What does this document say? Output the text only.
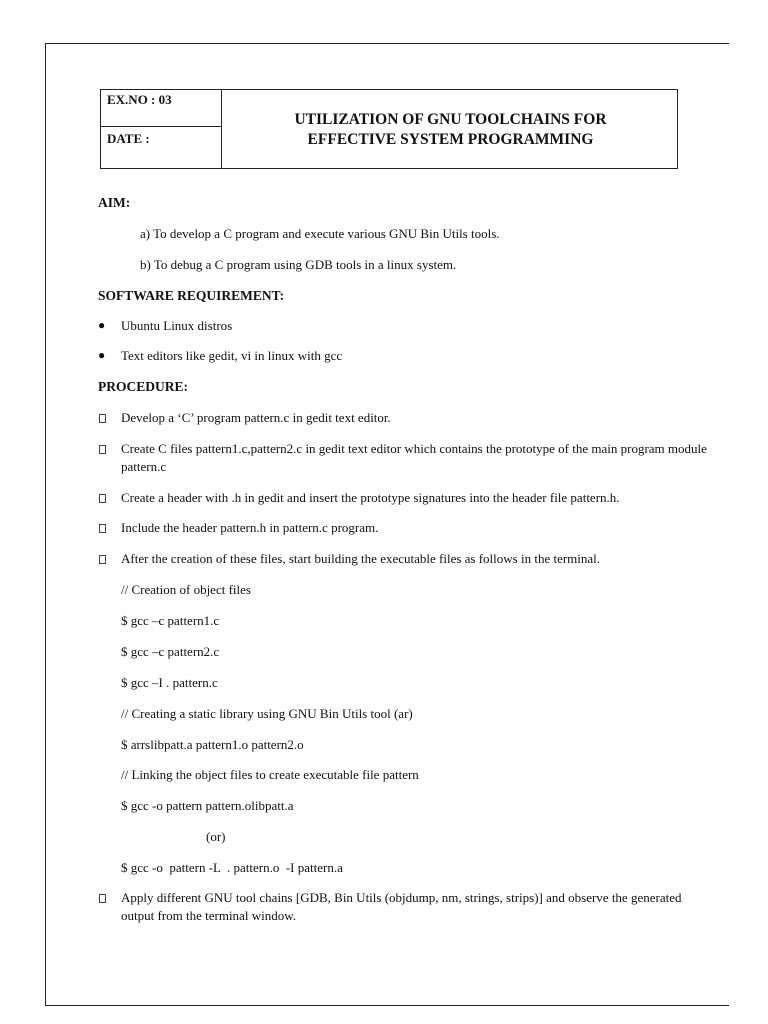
EX.NO : 03
DATE :
UTILIZATION OF GNU TOOLCHAINS FOR
EFFECTIVE SYSTEM PROGRAMMING
AIM:
a) To develop a C program and execute various GNU Bin Utils tools.
b) To debug a C program using GDB tools in a linux system.
SOFTWARE REQUIREMENT:
● Ubuntu Linux distros
● Text editors like gedit, vi in linux with gcc
PROCEDURE:
Develop a ‘C’ program pattern.c in gedit text editor.
Create C files pattern1.c,pattern2.c in gedit text editor which contains the prototype of the main program module pattern.c
Create a header with .h in gedit and insert the prototype signatures into the header file pattern.h.
Include the header pattern.h in pattern.c program.
After the creation of these files, start building the executable files as follows in the terminal.
// Creation of object files
$ gcc –c pattern1.c
$ gcc –c pattern2.c
$ gcc –I . pattern.c
// Creating a static library using GNU Bin Utils tool (ar)
$ arrslibpatt.a pattern1.o pattern2.o
// Linking the object files to create executable file pattern
$ gcc -o pattern pattern.olibpatt.a
(or)
$ gcc -o  pattern -L  . pattern.o  -I pattern.a
Apply different GNU tool chains [GDB, Bin Utils (objdump, nm, strings, strips)] and observe the generated output from the terminal window.
